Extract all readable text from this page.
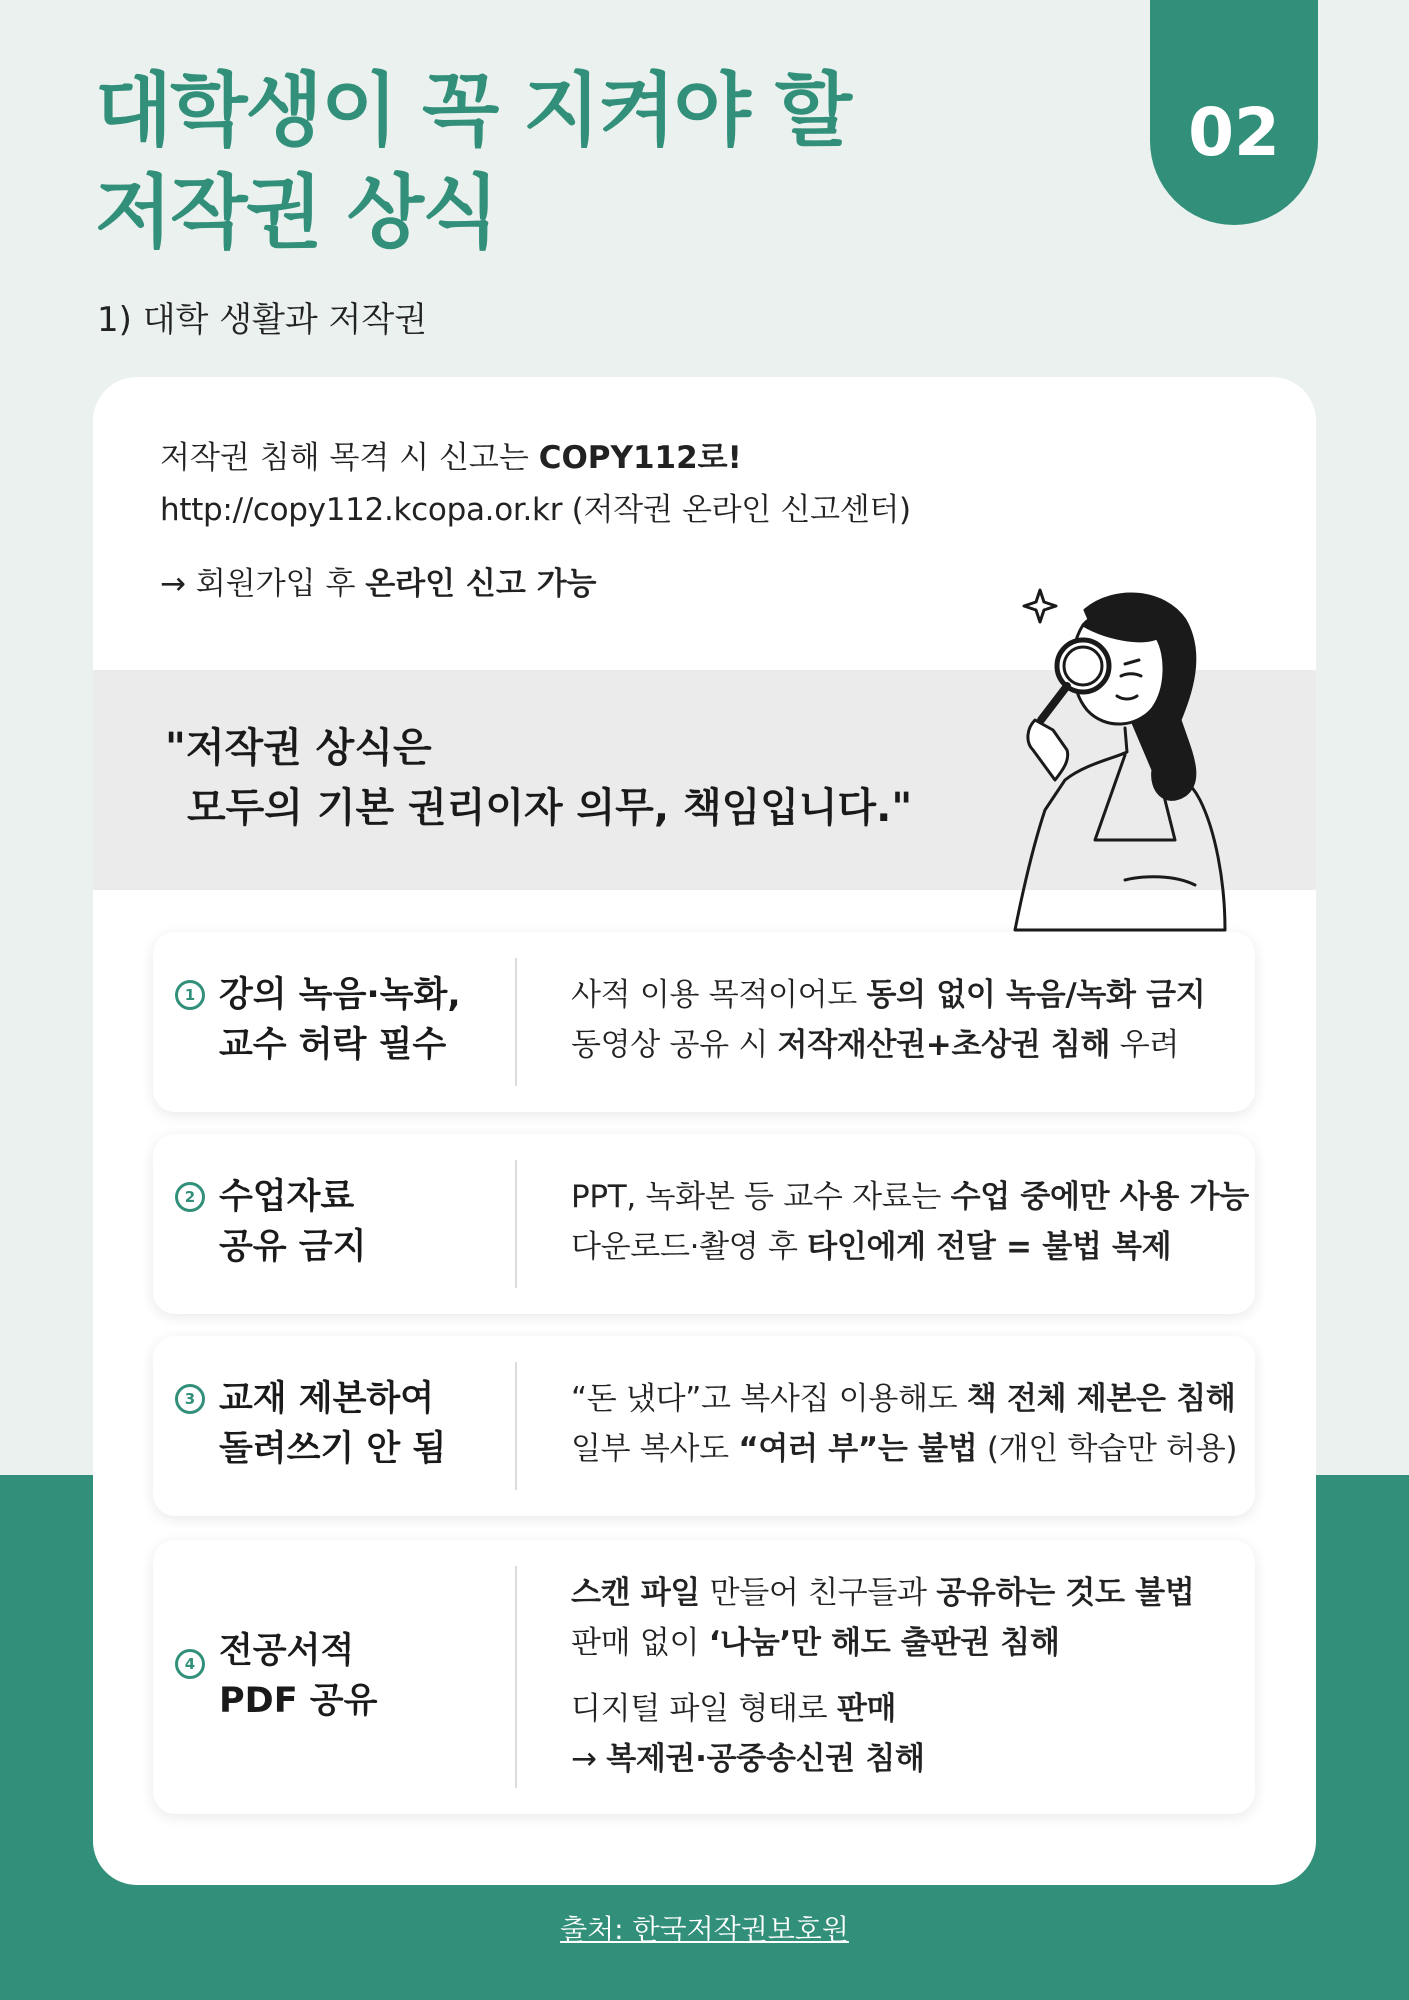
02
대학생이 꼭 지켜야 할
저작권 상식
1) 대학 생활과 저작권
저작권 침해 목격 시 신고는 COPY112로!
http://copy112.kcopa.or.kr (저작권 온라인 신고센터)
→ 회원가입 후 온라인 신고 가능
"저작권 상식은
모두의 기본 권리이자 의무, 책임입니다."
1 강의 녹음·녹화,
교수 허락 필수
사적 이용 목적이어도 동의 없이 녹음/녹화 금지
동영상 공유 시 저작재산권+초상권 침해 우려
2 수업자료
공유 금지
PPT, 녹화본 등 교수 자료는 수업 중에만 사용 가능
다운로드·촬영 후 타인에게 전달 = 불법 복제
3 교재 제본하여
돌려쓰기 안 됨
“돈 냈다”고 복사집 이용해도 책 전체 제본은 침해
일부 복사도 “여러 부”는 불법 (개인 학습만 허용)
4 전공서적
PDF 공유
스캔 파일 만들어 친구들과 공유하는 것도 불법
판매 없이 ‘나눔’만 해도 출판권 침해
디지털 파일 형태로 판매
→ 복제권·공중송신권 침해
출처: 한국저작권보호원
